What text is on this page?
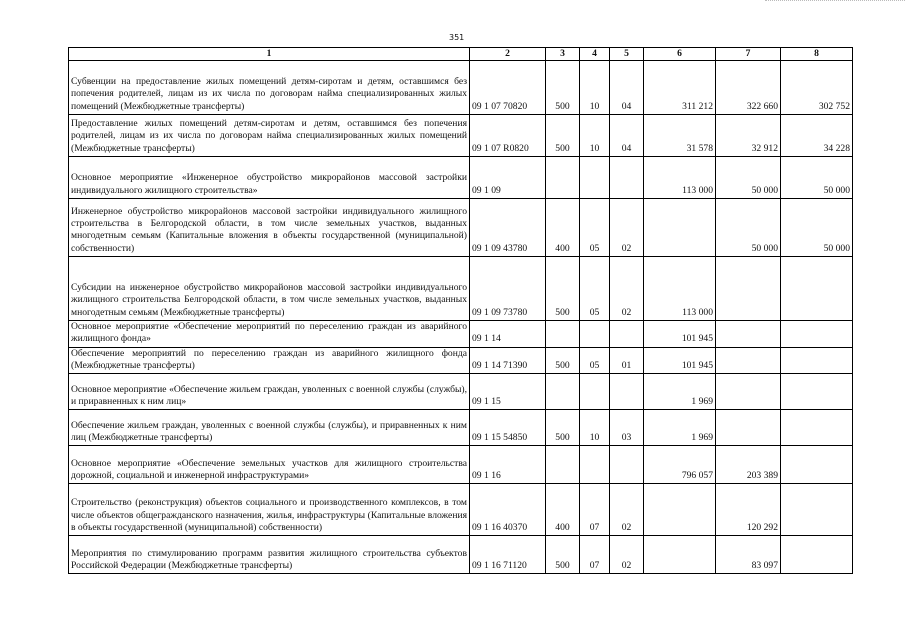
351
1	2	3	4	5	6	7	8
Субвенции на предоставление жилых помещений детям-сиротам и детям, оставшимся без попечения родителей, лицам из их числа по договорам найма специализированных жилых помещений (Межбюджетные трансферты)	09 1 07 70820	500	10	04	311 212	322 660	302 752
Предоставление жилых помещений детям-сиротам и детям, оставшимся без попечения родителей, лицам из их числа по договорам найма специализированных жилых помещений (Межбюджетные трансферты)	09 1 07 R0820	500	10	04	31 578	32 912	34 228
Основное мероприятие «Инженерное обустройство микрорайонов массовой застройки индивидуального жилищного строительства»	09 1 09				113 000	50 000	50 000
Инженерное обустройство микрорайонов массовой застройки индивидуального жилищного строительства в Белгородской области, в том числе земельных участков, выданных многодетным семьям (Капитальные вложения в объекты государственной (муниципальной) собственности)	09 1 09 43780	400	05	02		50 000	50 000
Субсидии на инженерное обустройство микрорайонов массовой застройки индивидуального жилищного строительства Белгородской области, в том числе земельных участков, выданных многодетным семьям (Межбюджетные трансферты)	09 1 09 73780	500	05	02	113 000		
Основное мероприятие «Обеспечение мероприятий по переселению граждан из аварийного жилищного фонда»	09 1 14				101 945		
Обеспечение мероприятий по переселению граждан из аварийного жилищного фонда (Межбюджетные трансферты)	09 1 14 71390	500	05	01	101 945		
Основное мероприятие «Обеспечение жильем граждан, уволенных с военной службы (службы), и приравненных к ним лиц»	09 1 15				1 969		
Обеспечение жильем граждан, уволенных с военной службы (службы), и приравненных к ним лиц (Межбюджетные трансферты)	09 1 15 54850	500	10	03	1 969		
Основное мероприятие «Обеспечение земельных участков для жилищного строительства дорожной, социальной и инженерной инфраструктурами»	09 1 16				796 057	203 389	
Строительство (реконструкция) объектов социального и производственного комплексов, в том числе объектов общегражданского назначения, жилья, инфраструктуры (Капитальные вложения в объекты государственной (муниципальной) собственности)	09 1 16 40370	400	07	02		120 292	
Мероприятия по стимулированию программ развития жилищного строительства субъектов Российской Федерации (Межбюджетные трансферты)	09 1 16 71120	500	07	02		83 097	
